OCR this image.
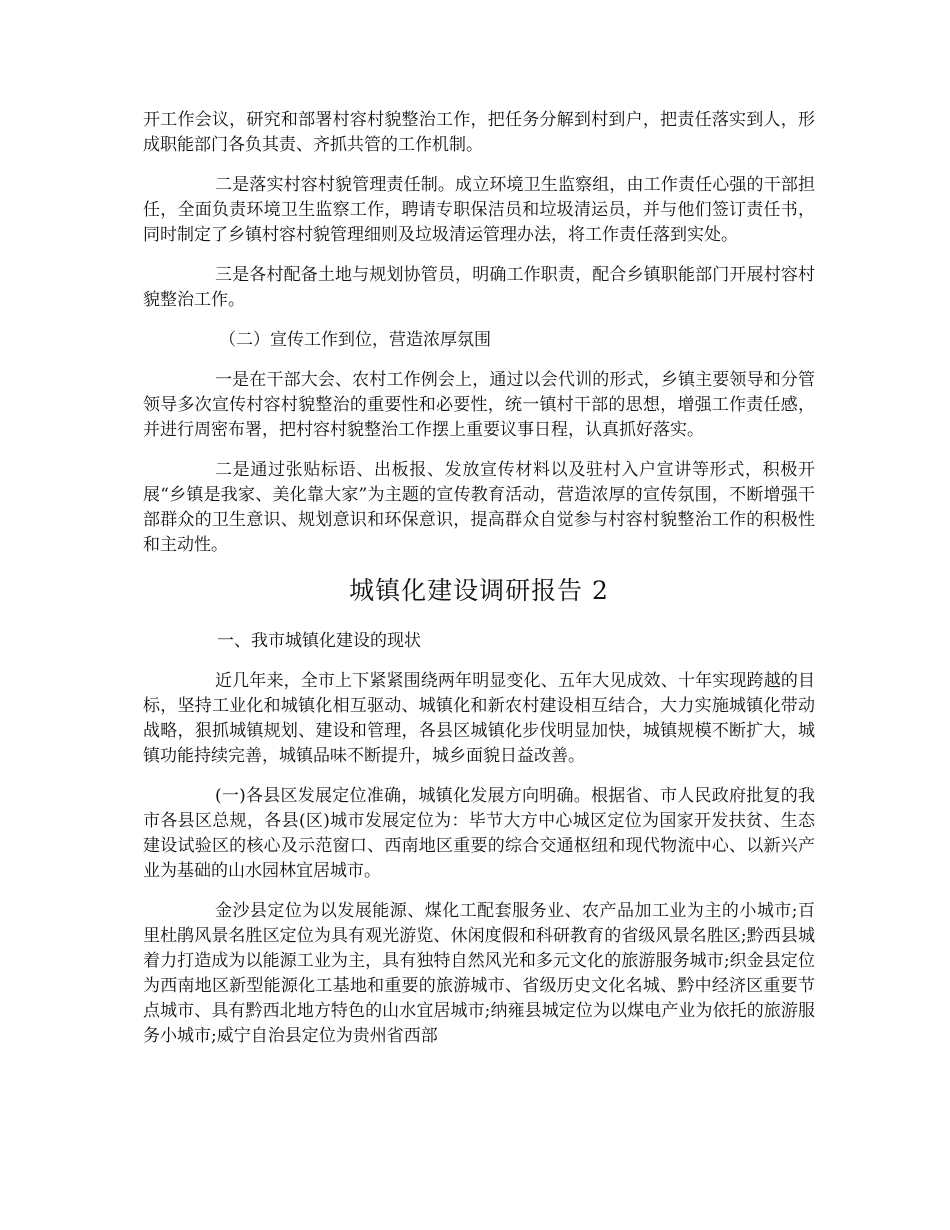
开工作会议，研究和部署村容村貌整治工作，把任务分解到村到户，把责任落实到人，形成职能部门各负其责、齐抓共管的工作机制。

二是落实村容村貌管理责任制。成立环境卫生监察组，由工作责任心强的干部担任，全面负责环境卫生监察工作，聘请专职保洁员和垃圾清运员，并与他们签订责任书，同时制定了乡镇村容村貌管理细则及垃圾清运管理办法，将工作责任落到实处。

三是各村配备土地与规划协管员，明确工作职责，配合乡镇职能部门开展村容村貌整治工作。

（二）宣传工作到位，营造浓厚氛围

一是在干部大会、农村工作例会上，通过以会代训的形式，乡镇主要领导和分管领导多次宣传村容村貌整治的重要性和必要性，统一镇村干部的思想，增强工作责任感，并进行周密布署，把村容村貌整治工作摆上重要议事日程，认真抓好落实。

二是通过张贴标语、出板报、发放宣传材料以及驻村入户宣讲等形式，积极开展“乡镇是我家、美化靠大家”为主题的宣传教育活动，营造浓厚的宣传氛围，不断增强干部群众的卫生意识、规划意识和环保意识，提高群众自觉参与村容村貌整治工作的积极性和主动性。

城镇化建设调研报告 2

一、我市城镇化建设的现状

近几年来，全市上下紧紧围绕两年明显变化、五年大见成效、十年实现跨越的目标，坚持工业化和城镇化相互驱动、城镇化和新农村建设相互结合，大力实施城镇化带动战略，狠抓城镇规划、建设和管理，各县区城镇化步伐明显加快，城镇规模不断扩大，城镇功能持续完善，城镇品味不断提升，城乡面貌日益改善。

(一)各县区发展定位准确，城镇化发展方向明确。根据省、市人民政府批复的我市各县区总规，各县(区)城市发展定位为：毕节大方中心城区定位为国家开发扶贫、生态建设试验区的核心及示范窗口、西南地区重要的综合交通枢纽和现代物流中心、以新兴产业为基础的山水园林宜居城市。

金沙县定位为以发展能源、煤化工配套服务业、农产品加工业为主的小城市;百里杜鹃风景名胜区定位为具有观光游览、休闲度假和科研教育的省级风景名胜区;黔西县城着力打造成为以能源工业为主，具有独特自然风光和多元文化的旅游服务城市;织金县定位为西南地区新型能源化工基地和重要的旅游城市、省级历史文化名城、黔中经济区重要节点城市、具有黔西北地方特色的山水宜居城市;纳雍县城定位为以煤电产业为依托的旅游服务小城市;威宁自治县定位为贵州省西部
